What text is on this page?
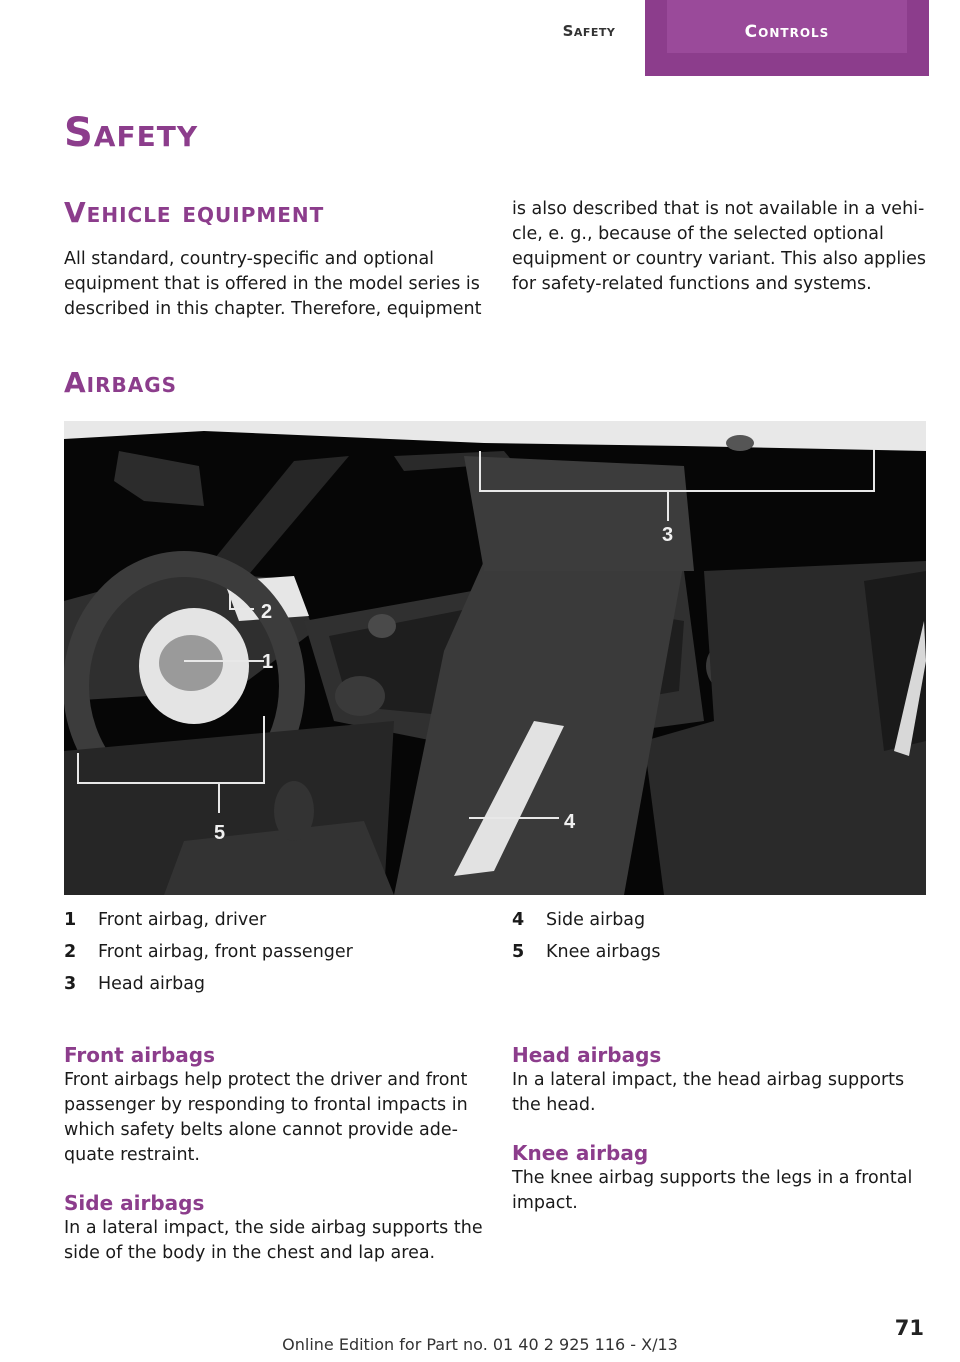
Safety	Controls
Safety
Vehicle equipment

All standard, country-specific and optional equipment that is offered in the model series is described in this chapter. Therefore, equipment

is also described that is not available in a vehicle, e. g., because of the selected optional equipment or country variant. This also applies for safety-related functions and systems.

Airbags
3
2
1
4
5
1	Front airbag, driver
2	Front airbag, front passenger
3	Head airbag
4	Side airbag
5	Knee airbags
Front airbags

Front airbags help protect the driver and front passenger by responding to frontal impacts in which safety belts alone cannot provide adequate restraint.

Side airbags

In a lateral impact, the side airbag supports the side of the body in the chest and lap area.

Head airbags

In a lateral impact, the head airbag supports the head.

Knee airbag

The knee airbag supports the legs in a frontal impact.

71
Online Edition for Part no. 01 40 2 925 116 - X/13
